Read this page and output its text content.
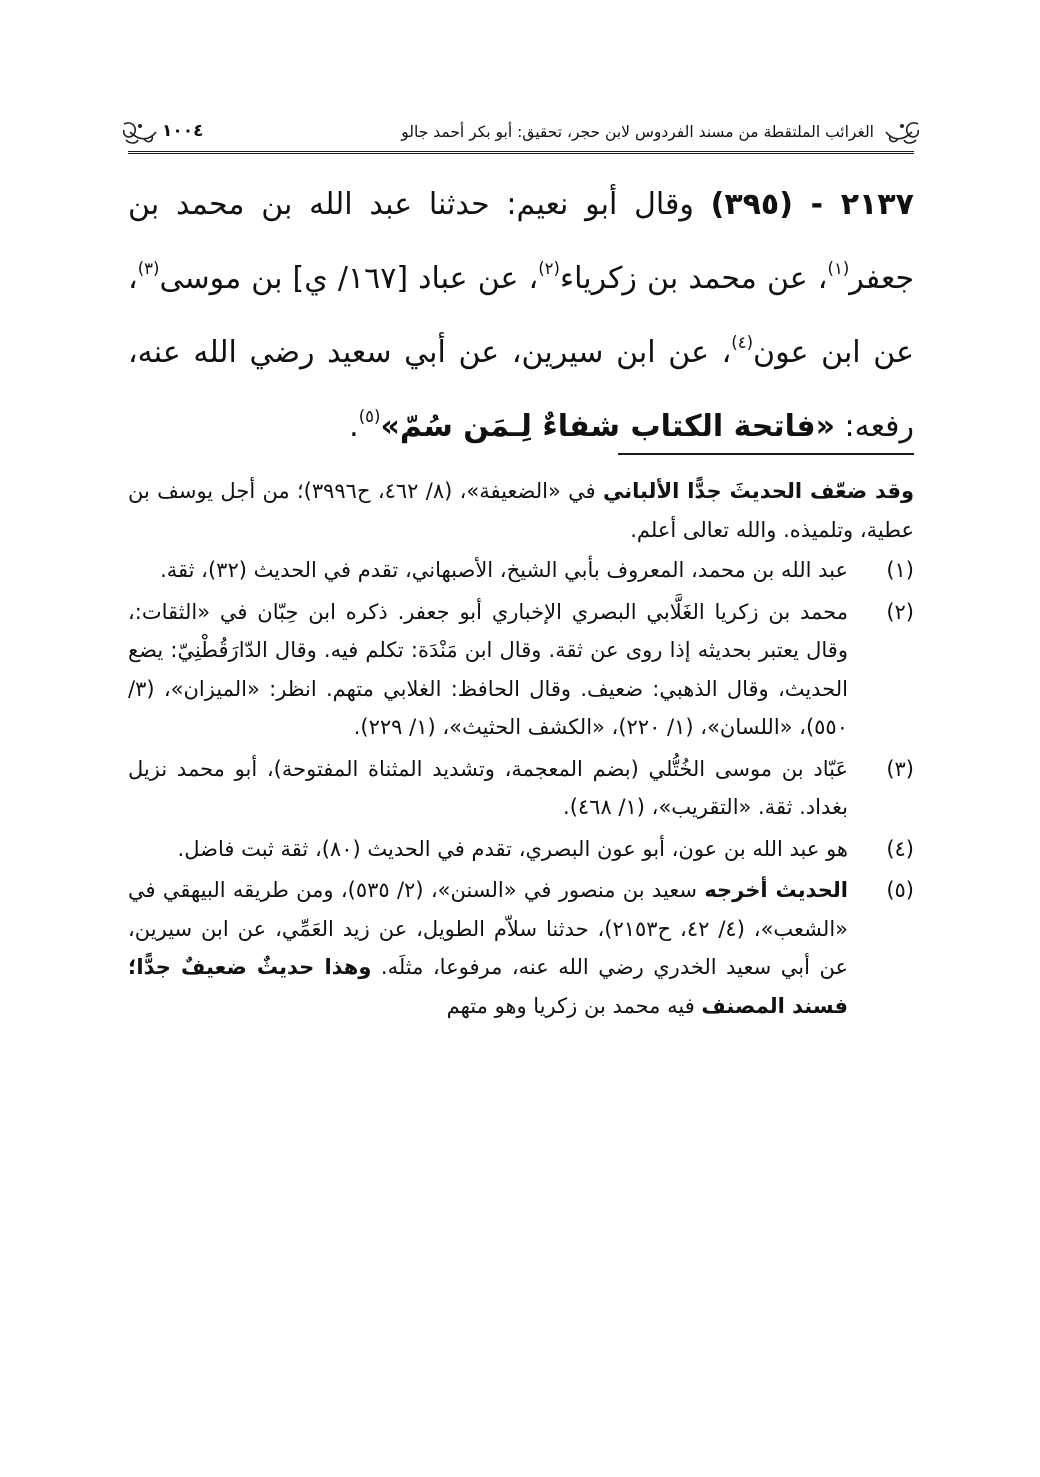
الغرائب الملتقطة من مسند الفردوس لابن حجر، تحقيق: أبو بكر أحمد جالو
١٠٠٤
٢١٣٧ - (٣٩٥) وقال أبو نعيم: حدثنا عبد الله بن محمد بن جعفر$^{(١)}$، عن محمد بن زكرياء$^{(٢)}$، عن عباد [١٦٧/ ي] بن موسى$^{(٣)}$، عن ابن عون$^{(٤)}$، عن ابن سيرين، عن أبي سعيد رضي الله عنه، رفعه: «فاتحة الكتاب شفاءٌ لِـمَن سُمّ»$^{(٥)}$.

وقد ضعّف الحديثَ جدًّا الألباني في «الضعيفة»، (٨/ ٤٦٢، ح٣٩٩٦)؛ من أجل يوسف بن عطية، وتلميذه. والله تعالى أعلم.

(١)
عبد الله بن محمد، المعروف بأبي الشيخ، الأصبهاني، تقدم في الحديث (٣٢)، ثقة.

(٢)
محمد بن زكريا الغَلَّابي البصري الإخباري أبو جعفر. ذكره ابن حِبّان في «الثقات:، وقال يعتبر بحديثه إذا روى عن ثقة. وقال ابن مَنْدَة: تكلم فيه. وقال الدّارَقُطْنِيّ: يضع الحديث، وقال الذهبي: ضعيف. وقال الحافظ: الغلابي متهم. انظر: «الميزان»، (٣/ ٥٥٠)، «اللسان»، (١/ ٢٢٠)، «الكشف الحثيث»، (١/ ٢٢٩).

(٣)
عَبّاد بن موسى الخُتُّلي (بضم المعجمة، وتشديد المثناة المفتوحة)، أبو محمد نزيل بغداد. ثقة. «التقريب»، (١/ ٤٦٨).

(٤)
هو عبد الله بن عون، أبو عون البصري، تقدم في الحديث (٨٠)، ثقة ثبت فاضل.

(٥)
الحديث أخرجه سعيد بن منصور في «السنن»، (٢/ ٥٣٥)، ومن طريقه البيهقي في «الشعب»، (٤/ ٤٢، ح٢١٥٣)، حدثنا سلاّم الطويل، عن زيد العَمِّي، عن ابن سيرين، عن أبي سعيد الخدري رضي الله عنه، مرفوعا، مثلَه. وهذا حديثٌ ضعيفٌ جدًّا؛ فسند المصنف فيه محمد بن زكريا وهو متهم
